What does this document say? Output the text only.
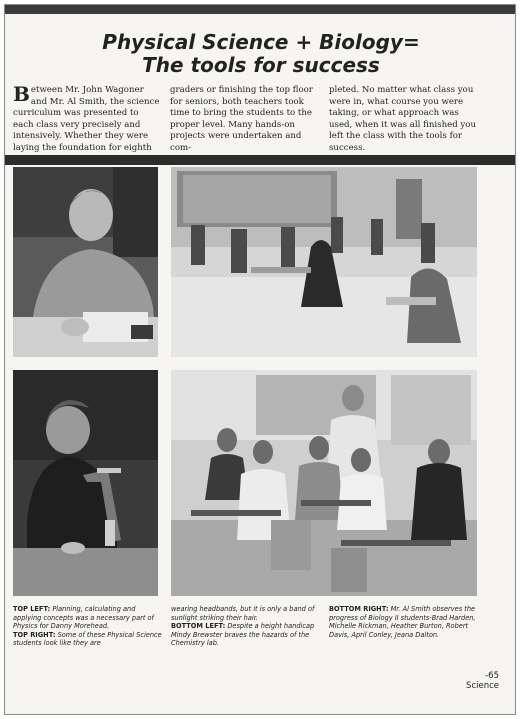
Physical Science + Biology=
The tools for success
Between Mr. John Wagoner and Mr. Al Smith, the science curriculum was presented to each class very precisely and intensively. Whether they were laying the foundation for eighth
graders or finishing the top floor for seniors, both teachers took time to bring the students to the proper level. Many hands-on projects were undertaken and com-
pleted. No matter what class you were in, what course you were taking, or what approach was used, when it was all finished you left the class with the tools for success.
TOP LEFT: Planning, calculating and applying concepts was a necessary part of Physics for Danny Morehead.
TOP RIGHT: Some of these Physical Science students look like they are
wearing headbands, but it is only a band of sunlight striking their hair.
BOTTOM LEFT: Despite a height handicap Mindy Brewster braves the hazards of the Chemistry lab.
BOTTOM RIGHT: Mr. Al Smith observes the progress of Biology II students-Brad Harden, Michelle Rickman, Heather Burton, Robert Davis, April Conley, Jeana Dalton.
-65
Science
